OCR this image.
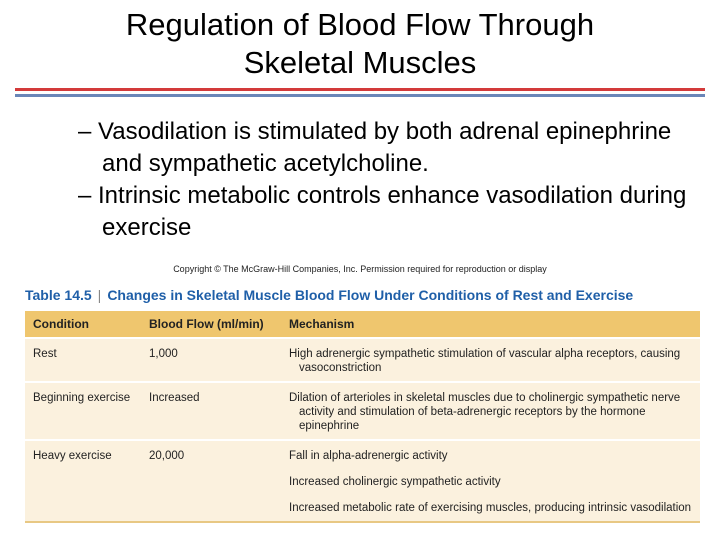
Regulation of Blood Flow Through
Skeletal Muscles

– Vasodilation is stimulated by both adrenal epinephrine and sympathetic acetylcholine.

– Intrinsic metabolic controls enhance vasodilation during exercise

Copyright © The McGraw-Hill Companies, Inc. Permission required for reproduction or display
Table 14.5 | Changes in Skeletal Muscle Blood Flow Under Conditions of Rest and Exercise
Condition	Blood Flow (ml/min)	Mechanism
Rest	1,000	High adrenergic sympathetic stimulation of vascular alpha receptors, causing vasoconstriction

Beginning exercise	Increased	Dilation of arterioles in skeletal muscles due to cholinergic sympathetic nerve activity and stimulation of beta-adrenergic receptors by the hormone epinephrine

Heavy exercise	20,000	Fall in alpha-adrenergic activity

Increased cholinergic sympathetic activity

Increased metabolic rate of exercising muscles, producing intrinsic vasodilation
